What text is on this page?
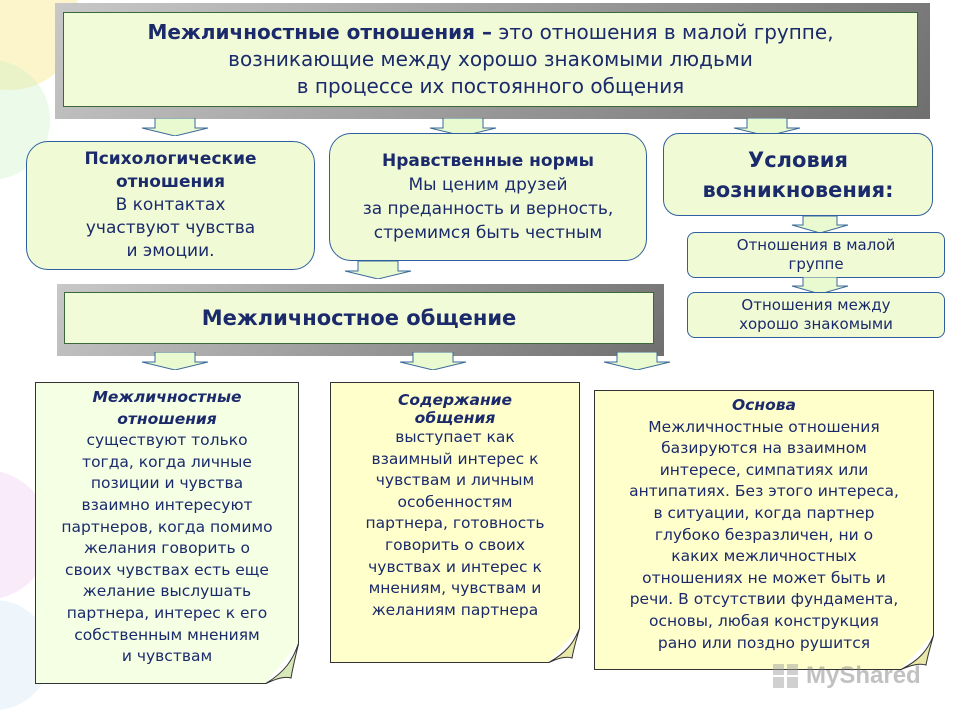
Межличностные отношения – это отношения в малой группе,
возникающие между хорошо знакомыми людьми
в процессе их постоянного общения
Психологические
отношения
В контактах
участвуют чувства
и эмоции.
Нравственные нормы
Мы ценим друзей
за преданность и верность,
стремимся быть честным
Условия
возникновения:
Отношения в малой
группе
Отношения между
хорошо знакомыми
Межличностное общение
Межличностные
отношения
существуют только
тогда, когда личные
позиции и чувства
взаимно интересуют
партнеров, когда помимо
желания говорить о
своих чувствах есть еще
желание выслушать
партнера, интерес к его
собственным мнениям
и чувствам
Содержание
общения
выступает как
взаимный интерес к
чувствам и личным
особенностям
партнера, готовность
говорить о своих
чувствах и интерес к
мнениям, чувствам и
желаниям партнера
Основа
Межличностные отношения
базируются на взаимном
интересе, симпатиях или
антипатиях. Без этого интереса,
в ситуации, когда партнер
глубоко безразличен, ни о
каких межличностных
отношениях не может быть и
речи. В отсутствии фундамента,
основы, любая конструкция
рано или поздно рушится
MyShared
